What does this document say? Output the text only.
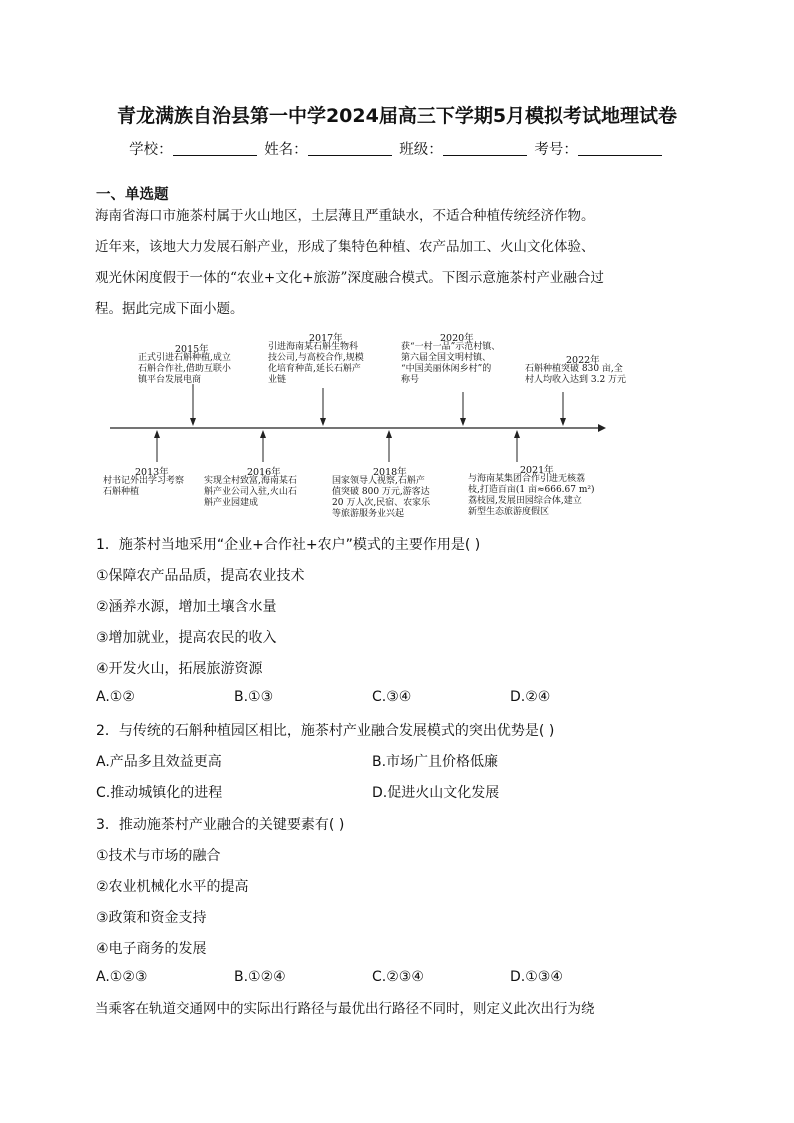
青龙满族自治县第一中学2024届高三下学期5月模拟考试地理试卷
学校：	姓名：	班级：	考号：
一、单选题
海南省海口市施茶村属于火山地区，土层薄且严重缺水，不适合种植传统经济作物。
近年来，该地大力发展石斛产业，形成了集特色种植、农产品加工、火山文化体验、
观光休闲度假于一体的“农业+文化+旅游”深度融合模式。下图示意施茶村产业融合过
程。据此完成下面小题。
2015年
正式引进石斛种植,成立
石斛合作社,借助互联小
镇平台发展电商
2017年
引进海南某石斛生物科
技公司,与高校合作,规模
化培育种苗,延长石斛产
业链
2020年
获“一村一品”示范村镇、
第六届全国文明村镇、
“中国美丽休闲乡村”的
称号
2022年
石斛种植突破 830 亩,全
村人均收入达到 3.2 万元
2013年
村书记外出学习考察
石斛种植
2016年
实现全村致富,海南某石
斛产业公司入驻,火山石
斛产业园建成
2018年
国家领导人视察,石斛产
值突破 800 万元,游客达
20 万人次,民宿、农家乐
等旅游服务业兴起
2021年
与海南某集团合作引进无核荔
枝,打造百亩(1 亩≈666.67 m²)
荔枝园,发展田园综合体,建立
新型生态旅游度假区
1．施茶村当地采用“企业+合作社+农户”模式的主要作用是( )
①保障农产品品质，提高农业技术
②涵养水源，增加土壤含水量
③增加就业，提高农民的收入
④开发火山，拓展旅游资源
A.①②	B.①③	C.③④	D.②④
2．与传统的石斛种植园区相比，施茶村产业融合发展模式的突出优势是( )
A.产品多且效益更高	B.市场广且价格低廉
C.推动城镇化的进程	D.促进火山文化发展
3．推动施茶村产业融合的关键要素有( )
①技术与市场的融合
②农业机械化水平的提高
③政策和资金支持
④电子商务的发展
A.①②③	B.①②④	C.②③④	D.①③④
当乘客在轨道交通网中的实际出行路径与最优出行路径不同时，则定义此次出行为绕
